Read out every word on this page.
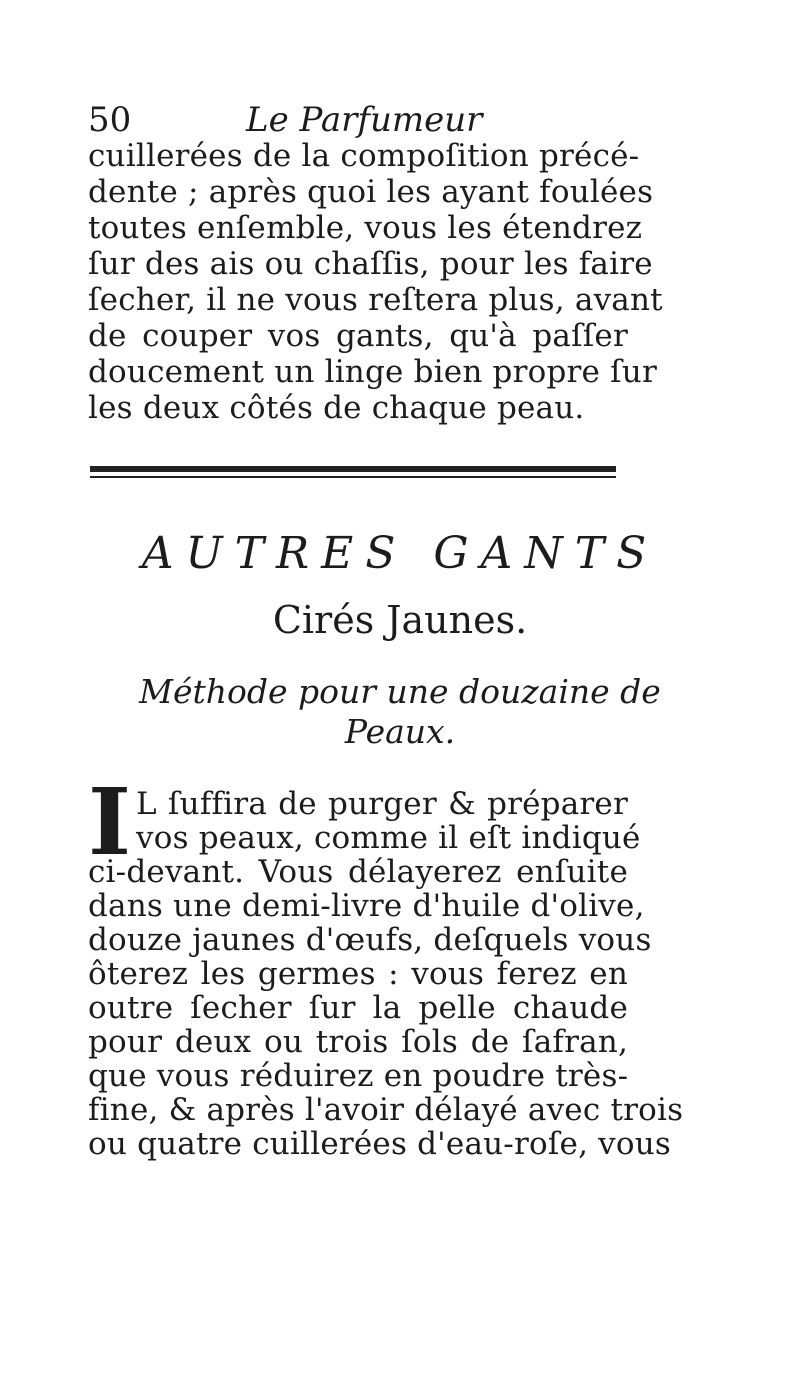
50	Le Parfumeur
cuillerées de la compoſition précé-
dente ; après quoi les ayant foulées
toutes enſemble, vous les étendrez
ſur des ais ou chaſſis, pour les faire
ſecher, il ne vous reſtera plus, avant
de couper vos gants, qu'à paſſer
doucement un linge bien propre ſur
les deux côtés de chaque peau.
AUTRES GANTS
Cirés Jaunes.
Méthode pour une douzaine de
Peaux.
I L ſuffira de purger & préparer
vos peaux, comme il eſt indiqué
ci-devant. Vous délayerez enſuite
dans une demi-livre d'huile d'olive,
douze jaunes d'œufs, deſquels vous
ôterez les germes : vous ferez en
outre ſecher ſur la pelle chaude
pour deux ou trois ſols de ſafran,
que vous réduirez en poudre très-
fine, & après l'avoir délayé avec trois
ou quatre cuillerées d'eau-roſe, vous
